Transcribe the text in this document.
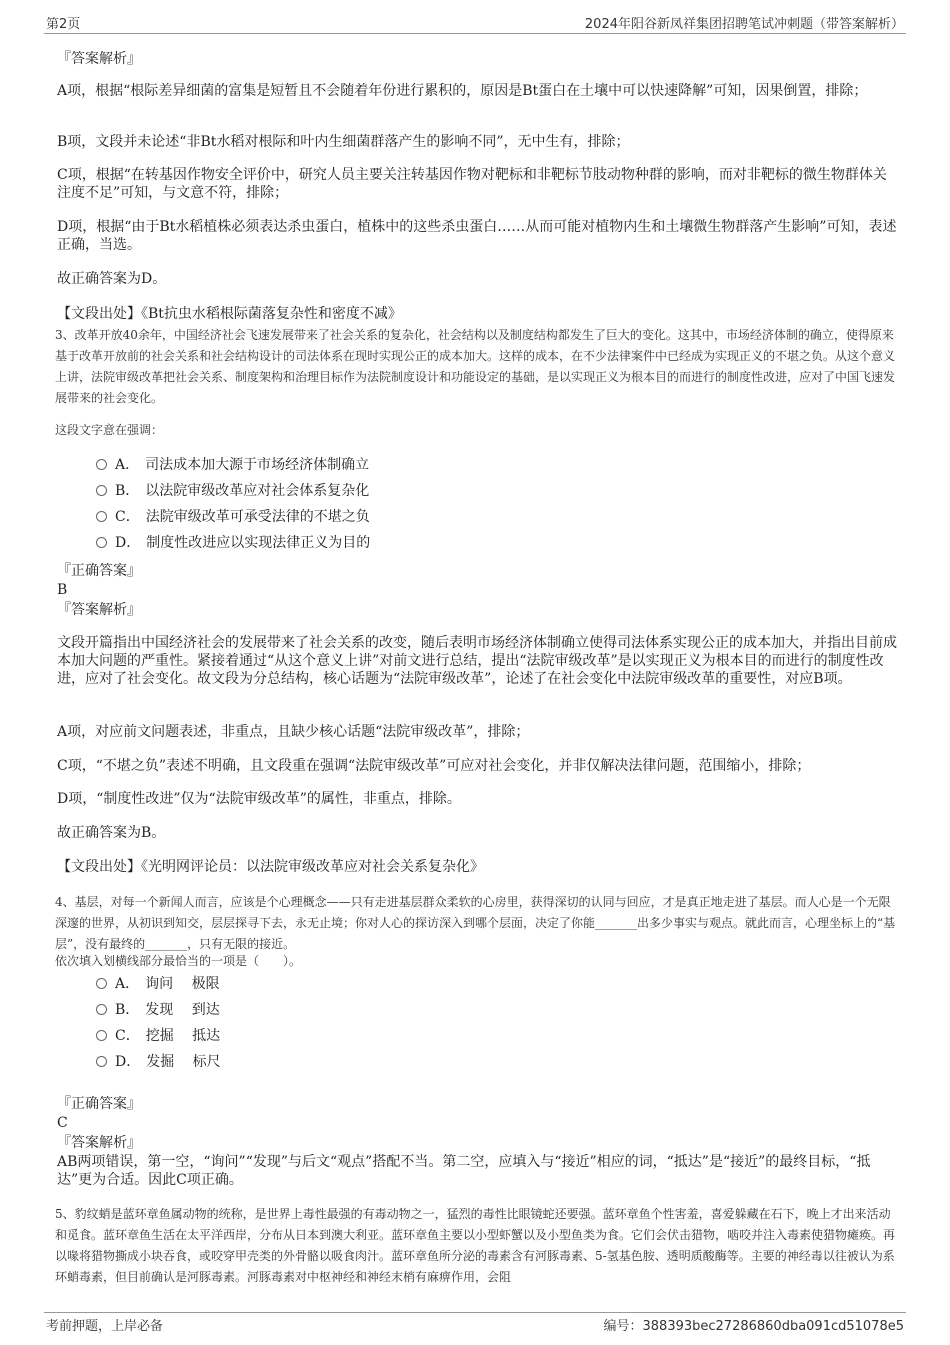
第2页	2024年阳谷新凤祥集团招聘笔试冲刺题（带答案解析）

『答案解析』

A项，根据“根际差异细菌的富集是短暂且不会随着年份进行累积的，原因是Bt蛋白在土壤中可以快速降解”可知，因果倒置，排除；

B项，文段并未论述“非Bt水稻对根际和叶内生细菌群落产生的影响不同”，无中生有，排除；

C项，根据“在转基因作物安全评价中，研究人员主要关注转基因作物对靶标和非靶标节肢动物种群的影响，而对非靶标的微生物群体关注度不足”可知，与文意不符，排除；

D项，根据“由于Bt水稻植株必须表达杀虫蛋白，植株中的这些杀虫蛋白……从而可能对植物内生和土壤微生物群落产生影响”可知，表述正确，当选。

故正确答案为D。

【文段出处】《Bt抗虫水稻根际菌落复杂性和密度不减》

3、改革开放40余年，中国经济社会飞速发展带来了社会关系的复杂化，社会结构以及制度结构都发生了巨大的变化。这其中，市场经济体制的确立，使得原来基于改革开放前的社会关系和社会结构设计的司法体系在现时实现公正的成本加大。这样的成本，在不少法律案件中已经成为实现正义的不堪之负。从这个意义上讲，法院审级改革把社会关系、制度架构和治理目标作为法院制度设计和功能设定的基础，是以实现正义为根本目的而进行的制度性改进，应对了中国飞速发展带来的社会变化。

这段文字意在强调：

A． 司法成本加大源于市场经济体制确立

B． 以法院审级改革应对社会体系复杂化

C． 法院审级改革可承受法律的不堪之负

D． 制度性改进应以实现法律正义为目的

『正确答案』

B

『答案解析』

文段开篇指出中国经济社会的发展带来了社会关系的改变，随后表明市场经济体制确立使得司法体系实现公正的成本加大，并指出目前成本加大问题的严重性。紧接着通过“从这个意义上讲”对前文进行总结，提出“法院审级改革”是以实现正义为根本目的而进行的制度性改进，应对了社会变化。故文段为分总结构，核心话题为“法院审级改革”，论述了在社会变化中法院审级改革的重要性，对应B项。

A项，对应前文问题表述，非重点，且缺少核心话题“法院审级改革”，排除；

C项，“不堪之负”表述不明确，且文段重在强调“法院审级改革”可应对社会变化，并非仅解决法律问题，范围缩小，排除；

D项，“制度性改进”仅为“法院审级改革”的属性，非重点，排除。

故正确答案为B。

【文段出处】《光明网评论员：以法院审级改革应对社会关系复杂化》

4、基层，对每一个新闻人而言，应该是个心理概念——只有走进基层群众柔软的心房里，获得深切的认同与回应，才是真正地走进了基层。而人心是一个无限深邃的世界，从初识到知交，层层探寻下去，永无止境；你对人心的探访深入到哪个层面，决定了你能_______出多少事实与观点。就此而言，心理坐标上的“基层”，没有最终的_______，只有无限的接近。

依次填入划横线部分最恰当的一项是（　　）。

A． 询问　 极限

B． 发现　 到达

C． 挖掘　 抵达

D． 发掘　 标尺

『正确答案』

C

『答案解析』

AB两项错误，第一空，“询问”“发现”与后文“观点”搭配不当。第二空，应填入与“接近”相应的词，“抵达”是“接近”的最终目标，“抵达”更为合适。因此C项正确。

5、豹纹蛸是蓝环章鱼属动物的统称，是世界上毒性最强的有毒动物之一，猛烈的毒性比眼镜蛇还要强。蓝环章鱼个性害羞，喜爱躲藏在石下，晚上才出来活动和觅食。蓝环章鱼生活在太平洋西岸，分布从日本到澳大利亚。蓝环章鱼主要以小型虾蟹以及小型鱼类为食。它们会伏击猎物，啮咬并注入毒素使猎物瘫痪。再以喙将猎物撕成小块吞食，或咬穿甲壳类的外骨骼以吸食肉汁。蓝环章鱼所分泌的毒素含有河豚毒素、5-氢基色胺、透明质酸酶等。主要的神经毒以往被认为系环蛸毒素，但目前确认是河豚毒素。河豚毒素对中枢神经和神经末梢有麻痹作用，会阻

考前押题，上岸必备	编号：388393bec27286860dba091cd51078e5
